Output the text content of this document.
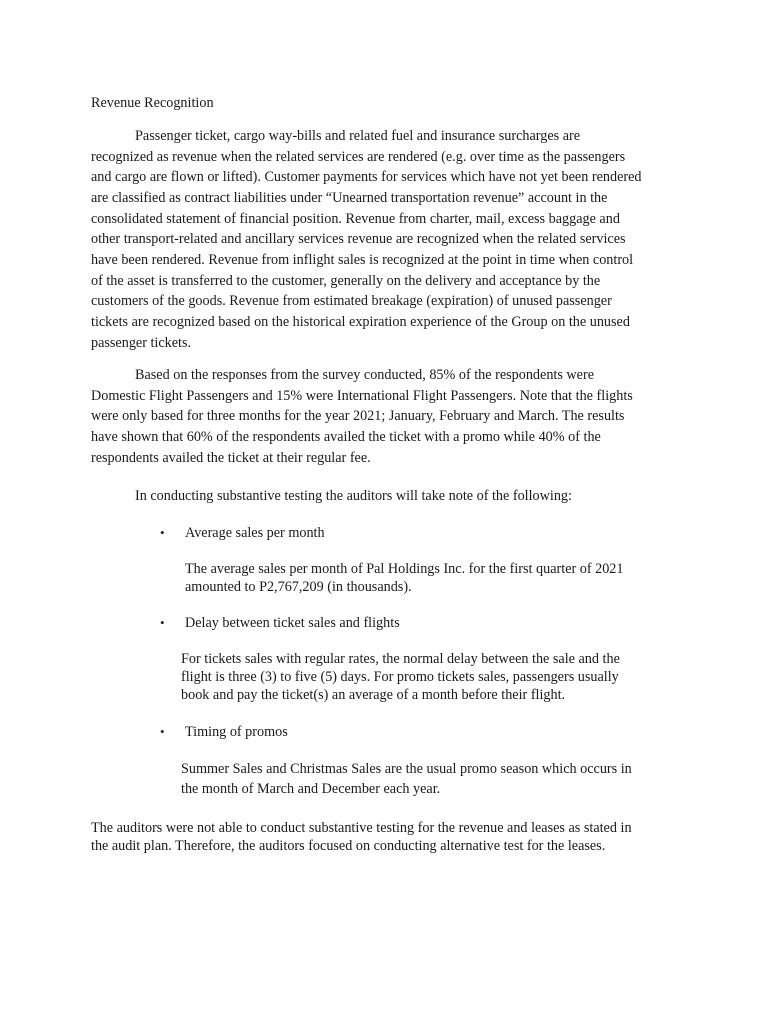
Revenue Recognition
Passenger ticket, cargo way-bills and related fuel and insurance surcharges are
recognized as revenue when the related services are rendered (e.g. over time as the passengers
and cargo are flown or lifted). Customer payments for services which have not yet been rendered
are classified as contract liabilities under “Unearned transportation revenue” account in the
consolidated statement of financial position. Revenue from charter, mail, excess baggage and
other transport-related and ancillary services revenue are recognized when the related services
have been rendered. Revenue from inflight sales is recognized at the point in time when control
of the asset is transferred to the customer, generally on the delivery and acceptance by the
customers of the goods. Revenue from estimated breakage (expiration) of unused passenger
tickets are recognized based on the historical expiration experience of the Group on the unused
passenger tickets.
Based on the responses from the survey conducted, 85% of the respondents were
Domestic Flight Passengers and 15% were International Flight Passengers. Note that the flights
were only based for three months for the year 2021; January, February and March. The results
have shown that 60% of the respondents availed the ticket with a promo while 40% of the
respondents availed the ticket at their regular fee.
In conducting substantive testing the auditors will take note of the following:
• Average sales per month
The average sales per month of Pal Holdings Inc. for the first quarter of 2021
amounted to P2,767,209 (in thousands).
• Delay between ticket sales and flights
For tickets sales with regular rates, the normal delay between the sale and the
flight is three (3) to five (5) days. For promo tickets sales, passengers usually
book and pay the ticket(s) an average of a month before their flight.
• Timing of promos
Summer Sales and Christmas Sales are the usual promo season which occurs in
the month of March and December each year.
The auditors were not able to conduct substantive testing for the revenue and leases as stated in
the audit plan. Therefore, the auditors focused on conducting alternative test for the leases.
